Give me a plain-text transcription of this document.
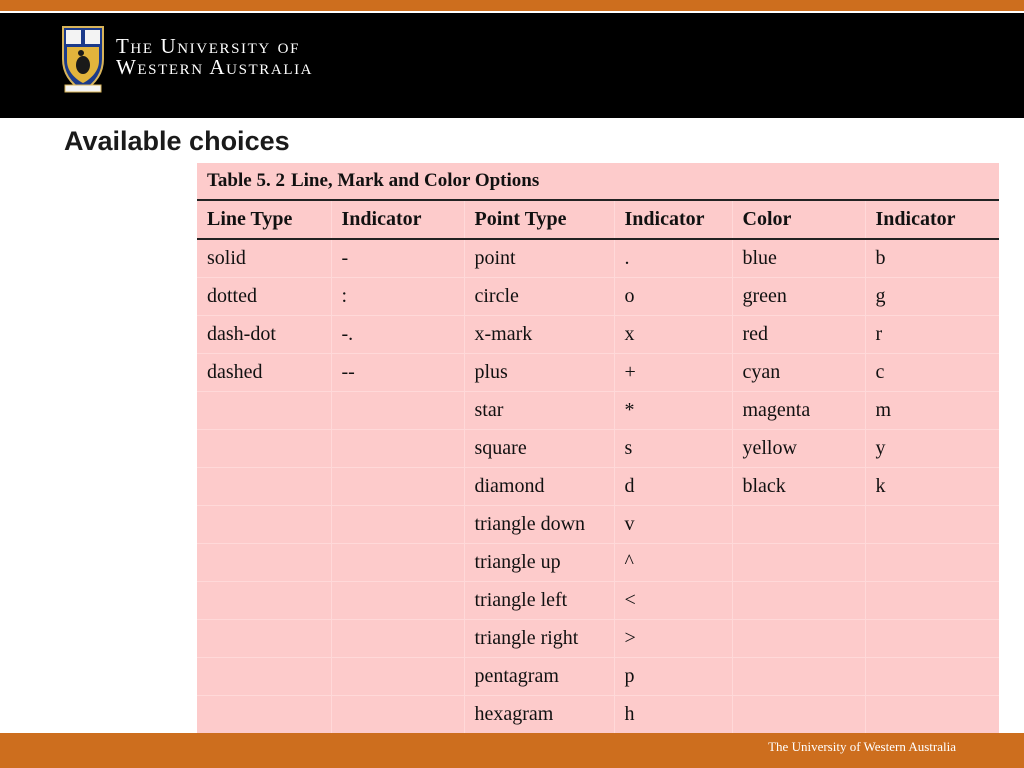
The University of
Western Australia
Available choices
Table 5. 2 Line, Mark and Color Options					
Line Type	Indicator	Point Type	Indicator	Color	Indicator
solid	-	point	.	blue	b
dotted	:	circle	o	green	g
dash-dot	-.	x-mark	x	red	r
dashed	--	plus	+	cyan	c
		star	*	magenta	m
		square	s	yellow	y
		diamond	d	black	k
		triangle down	v		
		triangle up	^		
		triangle left	<		
		triangle right	>		
		pentagram	p		
		hexagram	h		
The University of Western Australia
